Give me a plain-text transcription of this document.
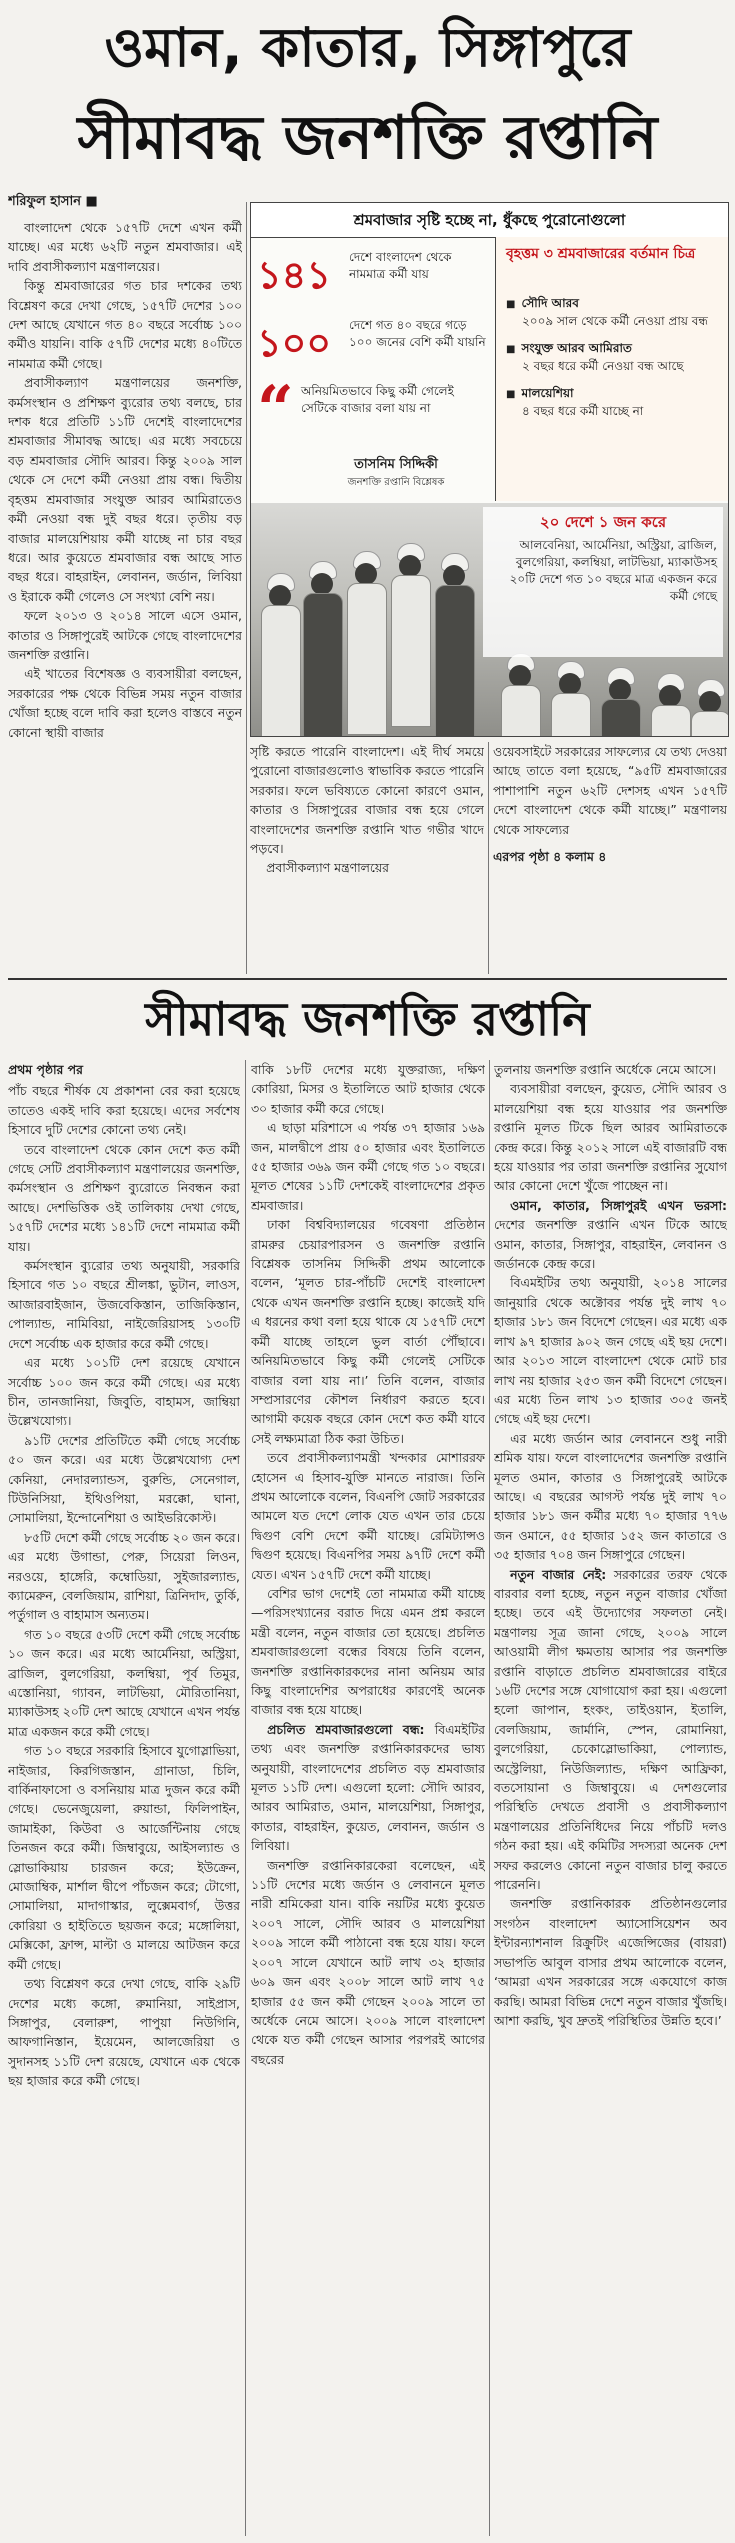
ওমান, কাতার, সিঙ্গাপুরে
সীমাবদ্ধ জনশক্তি রপ্তানি
শরিফুল হাসান ■

বাংলাদেশ থেকে ১৫৭টি দেশে এখন কর্মী যাচ্ছে। এর মধ্যে ৬২টি নতুন শ্রমবাজার। এই দাবি প্রবাসীকল্যাণ মন্ত্রণালয়ের।

কিন্তু শ্রমবাজারের গত চার দশকের তথ্য বিশ্লেষণ করে দেখা গেছে, ১৫৭টি দেশের ১০০ দেশ আছে যেখানে গত ৪০ বছরে সর্বোচ্চ ১০০ কর্মীও যায়নি। বাকি ৫৭টি দেশের মধ্যে ৪০টিতে নামমাত্র কর্মী গেছে।

প্রবাসীকল্যাণ মন্ত্রণালয়ের জনশক্তি, কর্মসংস্থান ও প্রশিক্ষণ ব্যুরোর তথ্য বলছে, চার দশক ধরে প্রতিটি ১১টি দেশেই বাংলাদেশের শ্রমবাজার সীমাবদ্ধ আছে। এর মধ্যে সবচেয়ে বড় শ্রমবাজার সৌদি আরব। কিন্তু ২০০৯ সাল থেকে সে দেশে কর্মী নেওয়া প্রায় বন্ধ। দ্বিতীয় বৃহত্তম শ্রমবাজার সংযুক্ত আরব আমিরাতেও কর্মী নেওয়া বন্ধ দুই বছর ধরে। তৃতীয় বড় বাজার মালয়েশিয়ায় কর্মী যাচ্ছে না চার বছর ধরে। আর কুয়েতে শ্রমবাজার বন্ধ আছে সাত বছর ধরে। বাহরাইন, লেবানন, জর্ডান, লিবিয়া ও ইরাকে কর্মী গেলেও সে সংখ্যা বেশি নয়।

ফলে ২০১৩ ও ২০১৪ সালে এসে ওমান, কাতার ও সিঙ্গাপুরেই আটকে গেছে বাংলাদেশের জনশক্তি রপ্তানি।

এই খাতের বিশেষজ্ঞ ও ব্যবসায়ীরা বলছেন, সরকারের পক্ষ থেকে বিভিন্ন সময় নতুন বাজার খোঁজা হচ্ছে বলে দাবি করা হলেও বাস্তবে নতুন কোনো স্থায়ী বাজার

শ্রমবাজার সৃষ্টি হচ্ছে না, ধুঁকছে পুরোনোগুলো
১৪১	দেশে বাংলাদেশ থেকে নামমাত্র কর্মী যায়
১০০	দেশে গত ৪০ বছরে গড়ে ১০০ জনের বেশি কর্মী যায়নি
“ অনিয়মিতভাবে কিছু কর্মী গেলেই সেটিকে বাজার বলা যায় না
তাসনিম সিদ্দিকী
জনশক্তি রপ্তানি বিশ্লেষক
বৃহত্তম ৩ শ্রমবাজারের বর্তমান চিত্র
■ সৌদি আরব
২০০৯ সাল থেকে কর্মী নেওয়া প্রায় বন্ধ
■ সংযুক্ত আরব আমিরাত
২ বছর ধরে কর্মী নেওয়া বন্ধ আছে
■ মালয়েশিয়া
৪ বছর ধরে কর্মী যাচ্ছে না
২০ দেশে ১ জন করে
আলবেনিয়া, আর্মেনিয়া, অস্ট্রিয়া, ব্রাজিল, বুলগেরিয়া, কলম্বিয়া, লাটভিয়া, ম্যাকাউসহ ২০টি দেশে গত ১০ বছরে মাত্র একজন করে কর্মী গেছে

সৃষ্টি করতে পারেনি বাংলাদেশ। এই দীর্ঘ সময়ে পুরোনো বাজারগুলোও স্বাভাবিক করতে পারেনি সরকার। ফলে ভবিষ্যতে কোনো কারণে ওমান, কাতার ও সিঙ্গাপুরের বাজার বন্ধ হয়ে গেলে বাংলাদেশের জনশক্তি রপ্তানি খাত গভীর খাদে পড়বে।

প্রবাসীকল্যাণ মন্ত্রণালয়ের

ওয়েবসাইটে সরকারের সাফল্যের যে তথ্য দেওয়া আছে তাতে বলা হয়েছে, “৯৫টি শ্রমবাজারের পাশাপাশি নতুন ৬২টি দেশসহ এখন ১৫৭টি দেশে বাংলাদেশ থেকে কর্মী যাচ্ছে।” মন্ত্রণালয় থেকে সাফল্যের

এরপর পৃষ্ঠা ৪ কলাম ৪

সীমাবদ্ধ জনশক্তি রপ্তানি
প্রথম পৃষ্ঠার পর

পাঁচ বছরে শীর্ষক যে প্রকাশনা বের করা হয়েছে তাতেও একই দাবি করা হয়েছে। এদের সর্বশেষ হিসাবে দুটি দেশের কোনো তথ্য নেই।

তবে বাংলাদেশ থেকে কোন দেশে কত কর্মী গেছে সেটি প্রবাসীকল্যাণ মন্ত্রণালয়ের জনশক্তি, কর্মসংস্থান ও প্রশিক্ষণ ব্যুরোতে নিবন্ধন করা আছে। দেশভিত্তিক ওই তালিকায় দেখা গেছে, ১৫৭টি দেশের মধ্যে ১৪১টি দেশে নামমাত্র কর্মী যায়।

কর্মসংস্থান ব্যুরোর তথ্য অনুযায়ী, সরকারি হিসাবে গত ১০ বছরে শ্রীলঙ্কা, ভুটান, লাওস, আজারবাইজান, উজবেকিস্তান, তাজিকিস্তান, পোল্যান্ড, নামিবিয়া, নাইজেরিয়াসহ ১৩০টি দেশে সর্বোচ্চ এক হাজার করে কর্মী গেছে।

এর মধ্যে ১০১টি দেশ রয়েছে যেখানে সর্বোচ্চ ১০০ জন করে কর্মী গেছে। এর মধ্যে চীন, তানজানিয়া, জিবুতি, বাহামস, জাম্বিয়া উল্লেখযোগ্য।

৯১টি দেশের প্রতিটিতে কর্মী গেছে সর্বোচ্চ ৫০ জন করে। এর মধ্যে উল্লেখযোগ্য দেশ কেনিয়া, নেদারল্যান্ডস, বুরুন্ডি, সেনেগাল, টিউনিসিয়া, ইথিওপিয়া, মরক্কো, ঘানা, সোমালিয়া, ইন্দোনেশিয়া ও আইভরিকোস্ট।

৮৫টি দেশে কর্মী গেছে সর্বোচ্চ ২০ জন করে। এর মধ্যে উগান্ডা, পেরু, সিয়েরা লিওন, নরওয়ে, হাঙ্গেরি, কম্বোডিয়া, সুইজারল্যান্ড, ক্যামেরুন, বেলজিয়াম, রাশিয়া, ত্রিনিদাদ, তুর্কি, পর্তুগাল ও বাহামাস অন্যতম।

গত ১০ বছরে ৫৩টি দেশে কর্মী গেছে সর্বোচ্চ ১০ জন করে। এর মধ্যে আর্মেনিয়া, অস্ট্রিয়া, ব্রাজিল, বুলগেরিয়া, কলম্বিয়া, পূর্ব তিমুর, এস্তোনিয়া, গ্যাবন, লাটভিয়া, মৌরিতানিয়া, ম্যাকাউসহ ২০টি দেশ আছে যেখানে এখন পর্যন্ত মাত্র একজন করে কর্মী গেছে।

গত ১০ বছরে সরকারি হিসাবে যুগোস্লাভিয়া, নাইজার, কিরগিজস্তান, গ্রানাডা, চিলি, বার্কিনাফাসো ও বসনিয়ায় মাত্র দুজন করে কর্মী গেছে। ভেনেজুয়েলা, রুয়ান্ডা, ফিলিপাইন, জামাইকা, কিউবা ও আর্জেন্টিনায় গেছে তিনজন করে কর্মী। জিম্বাবুয়ে, আইসল্যান্ড ও স্লোভাকিয়ায় চারজন করে; ইউক্রেন, মোজাম্বিক, মার্শাল দ্বীপে পাঁচজন করে; টোগো, সোমালিয়া, মাদাগাস্কার, লুক্সেমবার্গ, উত্তর কোরিয়া ও হাইতিতে ছয়জন করে; মঙ্গোলিয়া, মেক্সিকো, ফ্রান্স, মাল্টা ও মালয়ে আটজন করে কর্মী গেছে।

তথ্য বিশ্লেষণ করে দেখা গেছে, বাকি ২৯টি দেশের মধ্যে কঙ্গো, রুমানিয়া, সাইপ্রাস, সিঙ্গাপুর, বেলারুশ, পাপুয়া নিউগিনি, আফগানিস্তান, ইয়েমেন, আলজেরিয়া ও সুদানসহ ১১টি দেশ রয়েছে, যেখানে এক থেকে ছয় হাজার করে কর্মী গেছে।

বাকি ১৮টি দেশের মধ্যে যুক্তরাজ্য, দক্ষিণ কোরিয়া, মিসর ও ইতালিতে আট হাজার থেকে ৩০ হাজার কর্মী করে গেছে।

এ ছাড়া মরিশাসে এ পর্যন্ত ৩৭ হাজার ১৬৯ জন, মালদ্বীপে প্রায় ৫০ হাজার এবং ইতালিতে ৫৫ হাজার ৩৬৯ জন কর্মী গেছে গত ১০ বছরে। মূলত শেষের ১১টি দেশকেই বাংলাদেশের প্রকৃত শ্রমবাজার।

ঢাকা বিশ্ববিদ্যালয়ের গবেষণা প্রতিষ্ঠান রামরুর চেয়ারপারসন ও জনশক্তি রপ্তানি বিশ্লেষক তাসনিম সিদ্দিকী প্রথম আলোকে বলেন, ‘মূলত চার-পাঁচটি দেশেই বাংলাদেশ থেকে এখন জনশক্তি রপ্তানি হচ্ছে। কাজেই যদি এ ধরনের কথা বলা হয়ে থাকে যে ১৫৭টি দেশে কর্মী যাচ্ছে তাহলে ভুল বার্তা পৌঁছাবে। অনিয়মিতভাবে কিছু কর্মী গেলেই সেটিকে বাজার বলা যায় না।’ তিনি বলেন, বাজার সম্প্রসারণের কৌশল নির্ধারণ করতে হবে। আগামী কয়েক বছরে কোন দেশে কত কর্মী যাবে সেই লক্ষ্যমাত্রা ঠিক করা উচিত।

তবে প্রবাসীকল্যাণমন্ত্রী খন্দকার মোশাররফ হোসেন এ হিসাব-যুক্তি মানতে নারাজ। তিনি প্রথম আলোকে বলেন, বিএনপি জোট সরকারের আমলে যত দেশে লোক যেত এখন তার চেয়ে দ্বিগুণ বেশি দেশে কর্মী যাচ্ছে। রেমিট্যান্সও দ্বিগুণ হয়েছে। বিএনপির সময় ৯৭টি দেশে কর্মী যেত। এখন ১৫৭টি দেশে কর্মী যাচ্ছে।

বেশির ভাগ দেশেই তো নামমাত্র কর্মী যাচ্ছে—পরিসংখ্যানের বরাত দিয়ে এমন প্রশ্ন করলে মন্ত্রী বলেন, নতুন বাজার তো হয়েছে। প্রচলিত শ্রমবাজারগুলো বন্ধের বিষয়ে তিনি বলেন, জনশক্তি রপ্তানিকারকদের নানা অনিয়ম আর কিছু বাংলাদেশির অপরাধের কারণেই অনেক বাজার বন্ধ হয়ে যাচ্ছে।

প্রচলিত শ্রমবাজারগুলো বন্ধ: বিএমইটির তথ্য এবং জনশক্তি রপ্তানিকারকদের ভাষ্য অনুযায়ী, বাংলাদেশের প্রচলিত বড় শ্রমবাজার মূলত ১১টি দেশ। এগুলো হলো: সৌদি আরব, আরব আমিরাত, ওমান, মালয়েশিয়া, সিঙ্গাপুর, কাতার, বাহরাইন, কুয়েত, লেবানন, জর্ডান ও লিবিয়া।

জনশক্তি রপ্তানিকারকেরা বলেছেন, এই ১১টি দেশের মধ্যে জর্ডান ও লেবাননে মূলত নারী শ্রমিকেরা যান। বাকি নয়টির মধ্যে কুয়েত ২০০৭ সালে, সৌদি আরব ও মালয়েশিয়া ২০০৯ সালে কর্মী পাঠানো বন্ধ হয়ে যায়। ফলে ২০০৭ সালে যেখানে আট লাখ ৩২ হাজার ৬০৯ জন এবং ২০০৮ সালে আট লাখ ৭৫ হাজার ৫৫ জন কর্মী গেছেন ২০০৯ সালে তা অর্ধেকে নেমে আসে। ২০০৯ সালে বাংলাদেশ থেকে যত কর্মী গেছেন আসার পরপরই আগের বছরের

তুলনায় জনশক্তি রপ্তানি অর্ধেকে নেমে আসে।

ব্যবসায়ীরা বলছেন, কুয়েত, সৌদি আরব ও মালয়েশিয়া বন্ধ হয়ে যাওয়ার পর জনশক্তি রপ্তানি মূলত টিকে ছিল আরব আমিরাতকে কেন্দ্র করে। কিন্তু ২০১২ সালে এই বাজারটি বন্ধ হয়ে যাওয়ার পর তারা জনশক্তি রপ্তানির সুযোগ আর কোনো দেশে খুঁজে পাচ্ছেন না।

ওমান, কাতার, সিঙ্গাপুরই এখন ভরসা: দেশের জনশক্তি রপ্তানি এখন টিকে আছে ওমান, কাতার, সিঙ্গাপুর, বাহরাইন, লেবানন ও জর্ডানকে কেন্দ্র করে।

বিএমইটির তথ্য অনুযায়ী, ২০১৪ সালের জানুয়ারি থেকে অক্টোবর পর্যন্ত দুই লাখ ৭০ হাজার ১৮১ জন বিদেশে গেছেন। এর মধ্যে এক লাখ ৯৭ হাজার ৯০২ জন গেছে এই ছয় দেশে। আর ২০১৩ সালে বাংলাদেশ থেকে মোট চার লাখ নয় হাজার ২৫৩ জন কর্মী বিদেশে গেছেন। এর মধ্যে তিন লাখ ১৩ হাজার ৩০৫ জনই গেছে এই ছয় দেশে।

এর মধ্যে জর্ডান আর লেবাননে শুধু নারী শ্রমিক যায়। ফলে বাংলাদেশের জনশক্তি রপ্তানি মূলত ওমান, কাতার ও সিঙ্গাপুরেই আটকে আছে। এ বছরের আগস্ট পর্যন্ত দুই লাখ ৭০ হাজার ১৮১ জন কর্মীর মধ্যে ৭০ হাজার ৭৭৬ জন ওমানে, ৫৫ হাজার ১৫২ জন কাতারে ও ৩৫ হাজার ৭০৪ জন সিঙ্গাপুরে গেছেন।

নতুন বাজার নেই: সরকারের তরফ থেকে বারবার বলা হচ্ছে, নতুন নতুন বাজার খোঁজা হচ্ছে। তবে এই উদ্যোগের সফলতা নেই। মন্ত্রণালয় সূত্র জানা গেছে, ২০০৯ সালে আওয়ামী লীগ ক্ষমতায় আসার পর জনশক্তি রপ্তানি বাড়াতে প্রচলিত শ্রমবাজারের বাইরে ১৬টি দেশের সঙ্গে যোগাযোগ করা হয়। এগুলো হলো জাপান, হংকং, তাইওয়ান, ইতালি, বেলজিয়াম, জার্মানি, স্পেন, রোমানিয়া, বুলগেরিয়া, চেকোস্লোভাকিয়া, পোল্যান্ড, অস্ট্রেলিয়া, নিউজিল্যান্ড, দক্ষিণ আফ্রিকা, বতসোয়ানা ও জিম্বাবুয়ে। এ দেশগুলোর পরিস্থিতি দেখতে প্রবাসী ও প্রবাসীকল্যাণ মন্ত্রণালয়ের প্রতিনিধিদের নিয়ে পাঁচটি দলও গঠন করা হয়। এই কমিটির সদস্যরা অনেক দেশ সফর করলেও কোনো নতুন বাজার চালু করতে পারেননি।

জনশক্তি রপ্তানিকারক প্রতিষ্ঠানগুলোর সংগঠন বাংলাদেশ অ্যাসোসিয়েশন অব ইন্টারন্যাশনাল রিক্রুটিং এজেন্সিজের (বায়রা) সভাপতি আবুল বাসার প্রথম আলোকে বলেন, ‘আমরা এখন সরকারের সঙ্গে একযোগে কাজ করছি। আমরা বিভিন্ন দেশে নতুন বাজার খুঁজছি। আশা করছি, খুব দ্রুতই পরিস্থিতির উন্নতি হবে।’
